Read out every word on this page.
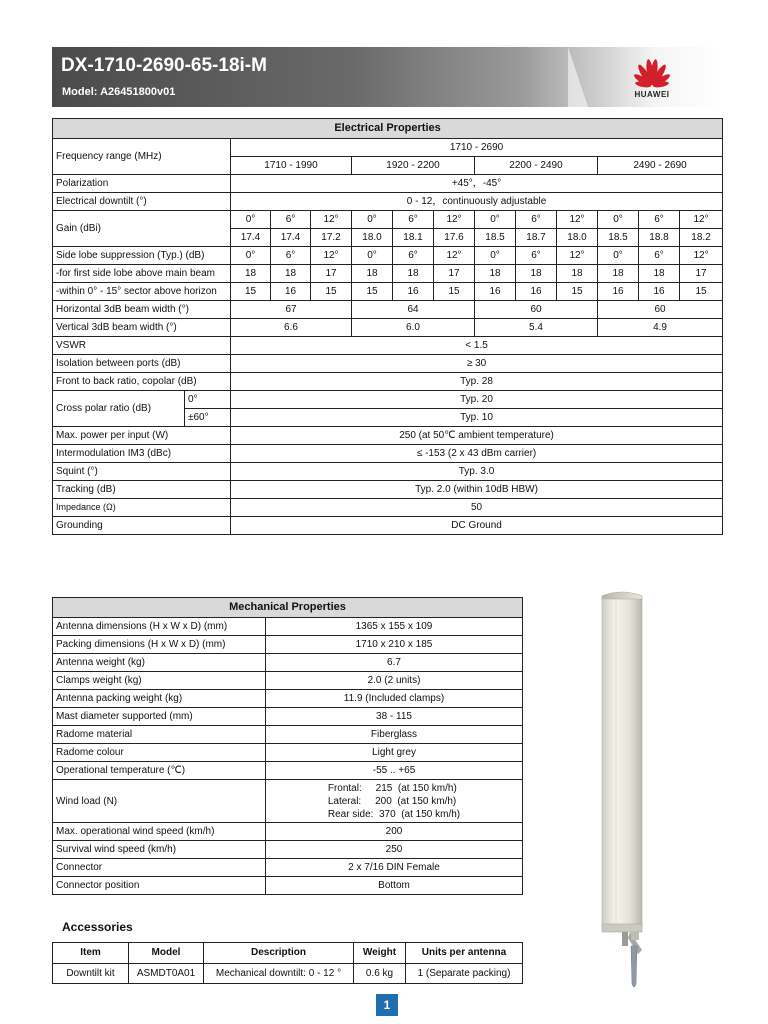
DX-1710-2690-65-18i-M
Model: A26451800v01	HUAWEI
Electrical Properties													
Frequency range (MHz)		1710 - 2690											
		1710 - 1990			1920 - 2200			2200 - 2490			2490 - 2690		
Polarization		+45°，-45°											
Electrical downtilt (°)		0 - 12，continuously adjustable											
Gain (dBi)		0°	6°	12°	0°	6°	12°	0°	6°	12°	0°	6°	12°
		17.4	17.4	17.2	18.0	18.1	17.6	18.5	18.7	18.0	18.5	18.8	18.2
Side lobe suppression (Typ.) (dB)		0°	6°	12°	0°	6°	12°	0°	6°	12°	0°	6°	12°
-for first side lobe above main beam		18	18	17	18	18	17	18	18	18	18	18	17
-within 0° - 15° sector above horizon		15	16	15	15	16	15	16	16	15	16	16	15
Horizontal 3dB beam width (°)		67			64			60			60		
Vertical 3dB beam width (°)		6.6			6.0			5.4			4.9		
VSWR		< 1.5											
Isolation between ports (dB)		≥ 30											
Front to back ratio, copolar (dB)		Typ. 28											
Cross polar ratio (dB)	0°	Typ. 20											
	±60°	Typ. 10											
Max. power per input (W)		250 (at 50℃ ambient temperature)											
Intermodulation IM3 (dBc)		≤ -153 (2 x 43 dBm carrier)											
Squint (°)		Typ. 3.0											
Tracking (dB)		Typ. 2.0 (within 10dB HBW)											
Impedance (Ω)		50											
Grounding		DC Ground											
Mechanical Properties	
Antenna dimensions (H x W x D) (mm)	1365 x 155 x 109
Packing dimensions (H x W x D) (mm)	1710 x 210 x 185
Antenna weight (kg)	6.7
Clamps weight (kg)	2.0 (2 units)
Antenna packing weight (kg)	11.9 (Included clamps)
Mast diameter supported (mm)	38 - 115
Radome material	Fiberglass
Radome colour	Light grey
Operational temperature (℃)	-55 .. +65
Wind load (N)	Frontal:     215  (at 150 km/h)
Lateral:     200  (at 150 km/h)
Rear side:  370  (at 150 km/h)

Max. operational wind speed (km/h)	200
Survival wind speed (km/h)	250
Connector	2 x 7/16 DIN Female
Connector position	Bottom
Accessories
Item	Model	Description	Weight	Units per antenna
Downtilt kit	ASMDT0A01	Mechanical downtilt: 0 - 12 °	0.6 kg	1 (Separate packing)
1
